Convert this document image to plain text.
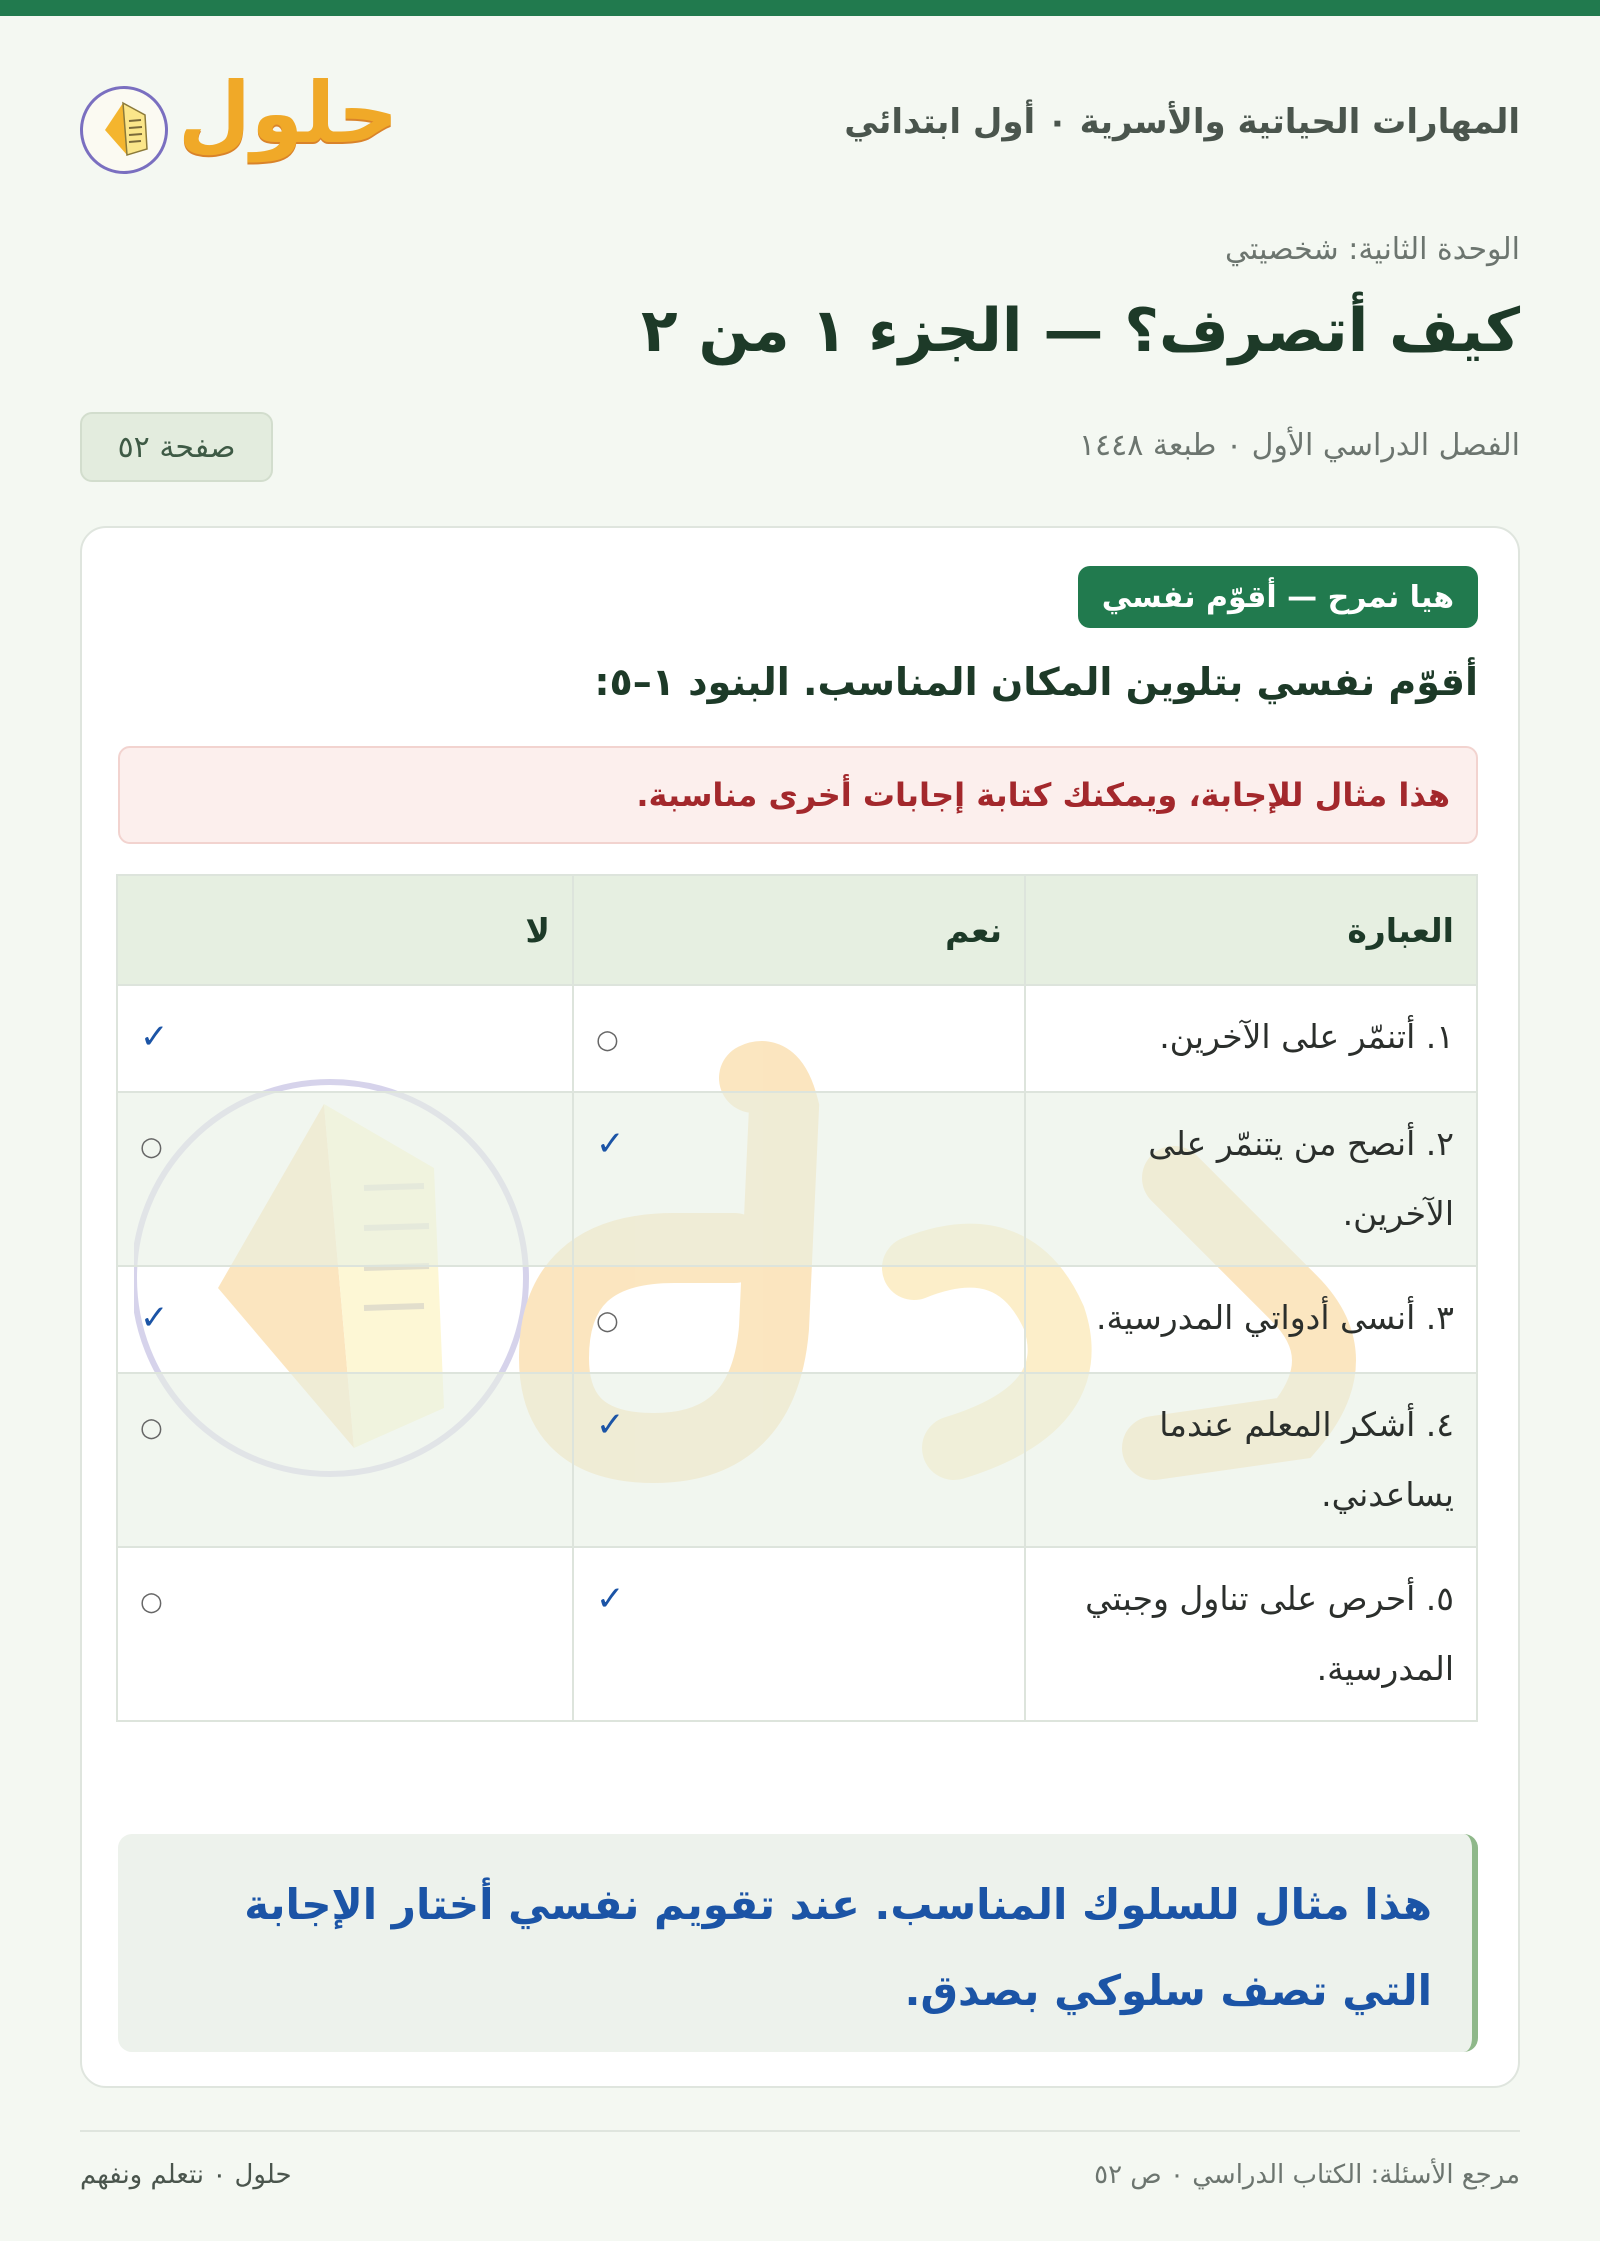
المهارات الحياتية والأسرية ٠ أول ابتدائي
حلول
الوحدة الثانية: شخصيتي
كيف أتصرف؟ — الجزء ١ من ٢
الفصل الدراسي الأول ٠ طبعة ١٤٤٨
صفحة ٥٢
هيا نمرح — أقوّم نفسي
أقوّم نفسي بتلوين المكان المناسب. البنود ١–٥:
هذا مثال للإجابة، ويمكنك كتابة إجابات أخرى مناسبة.
العبارة	نعم	لا
١. أتنمّر على الآخرين.	○	✓
٢. أنصح من يتنمّر على الآخرين.	✓	○
٣. أنسى أدواتي المدرسية.	○	✓
٤. أشكر المعلم عندما يساعدني.	✓	○
٥. أحرص على تناول وجبتي المدرسية.	✓	○
هذا مثال للسلوك المناسب. عند تقويم نفسي أختار الإجابة التي تصف سلوكي بصدق.
حلول ٠ نتعلم ونفهم	مرجع الأسئلة: الكتاب الدراسي ٠ ص ٥٢
